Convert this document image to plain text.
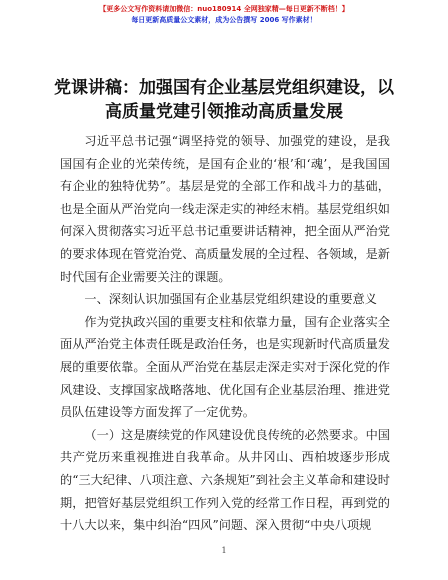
【更多公文写作资料请加微信：nuo180914 全网独家精—每日更新不断档！】
每日更新高质量公文素材，成为公告撰写 2006 写作素材！
党课讲稿：加强国有企业基层党组织建设，以
高质量党建引领推动高质量发展

习近平总书记强“调坚持党的领导、加强党的建设，是我国国有企业的光荣传统，是国有企业的‘根’和‘魂’，是我国国有企业的独特优势”。基层是党的全部工作和战斗力的基础，也是全面从严治党向一线走深走实的神经末梢。基层党组织如何深入贯彻落实习近平总书记重要讲话精神，把全面从严治党的要求体现在管党治党、高质量发展的全过程、各领域，是新时代国有企业需要关注的课题。

一、深刻认识加强国有企业基层党组织建设的重要意义

作为党执政兴国的重要支柱和依靠力量，国有企业落实全面从严治党主体责任既是政治任务，也是实现新时代高质量发展的重要依靠。全面从严治党在基层走深走实对于深化党的作风建设、支撑国家战略落地、优化国有企业基层治理、推进党员队伍建设等方面发挥了一定优势。

（一）这是赓续党的作风建设优良传统的必然要求。中国共产党历来重视推进自我革命。从井冈山、西柏坡逐步形成的“三大纪律、八项注意、六条规矩”到社会主义革命和建设时期，把管好基层党组织工作列入党的经常工作日程，再到党的十八大以来，集中纠治“四风”问题、深入贯彻“中央八项规

1
